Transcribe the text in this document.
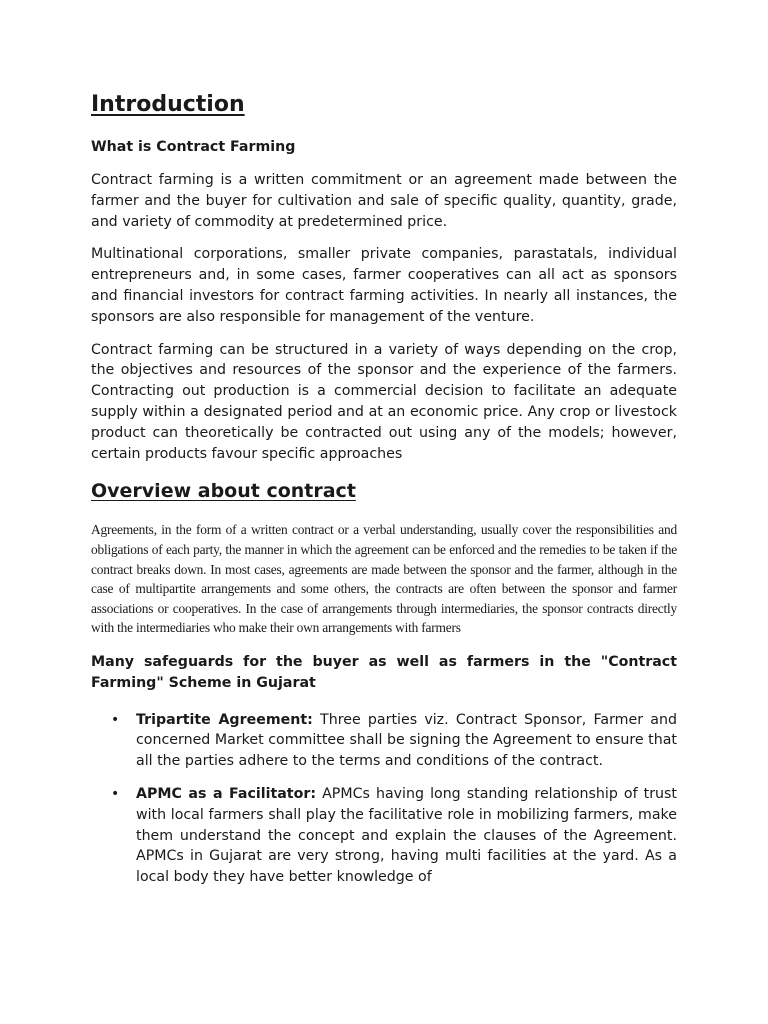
Introduction
What is Contract Farming

Contract farming is a written commitment or an agreement made between the farmer and the buyer for cultivation and sale of specific quality, quantity, grade, and variety of commodity at predetermined price.

Multinational corporations, smaller private companies, parastatals, individual entrepreneurs and, in some cases, farmer cooperatives can all act as sponsors and financial investors for contract farming activities. In nearly all instances, the sponsors are also responsible for management of the venture.

Contract farming can be structured in a variety of ways depending on the crop, the objectives and resources of the sponsor and the experience of the farmers. Contracting out production is a commercial decision to facilitate an adequate supply within a designated period and at an economic price. Any crop or livestock product can theoretically be contracted out using any of the models; however, certain products favour specific approaches

Overview about contract

Agreements, in the form of a written contract or a verbal understanding, usually cover the responsibilities and obligations of each party, the manner in which the agreement can be enforced and the remedies to be taken if the contract breaks down. In most cases, agreements are made between the sponsor and the farmer, although in the case of multipartite arrangements and some others, the contracts are often between the sponsor and farmer associations or cooperatives. In the case of arrangements through intermediaries, the sponsor contracts directly with the intermediaries who make their own arrangements with farmers

Many safeguards for the buyer as well as farmers in the "Contract Farming" Scheme in Gujarat
• Tripartite Agreement: Three parties viz. Contract Sponsor, Farmer and concerned Market committee shall be signing the Agreement to ensure that all the parties adhere to the terms and conditions of the contract.
• APMC as a Facilitator: APMCs having long standing relationship of trust with local farmers shall play the facilitative role in mobilizing farmers, make them understand the concept and explain the clauses of the Agreement. APMCs in Gujarat are very strong, having multi facilities at the yard. As a local body they have better knowledge of
